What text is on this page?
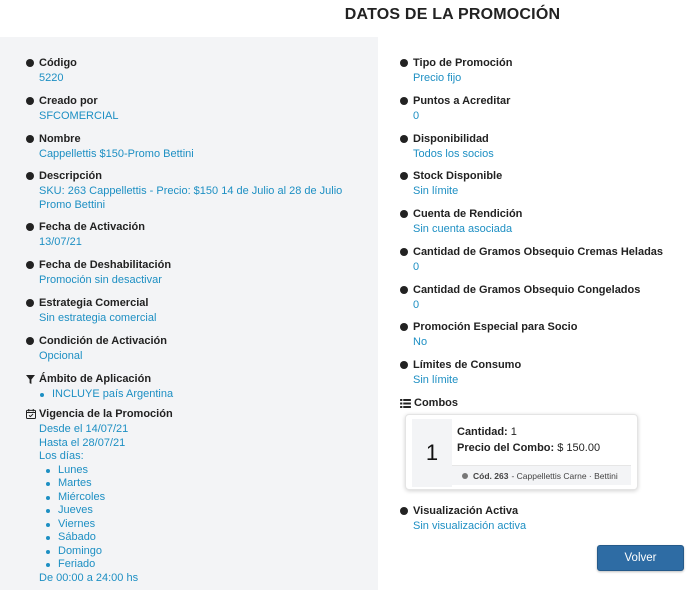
DATOS DE LA PROMOCIÓN
Código
5220
Creado por
SFCOMERCIAL
Nombre
Cappellettis $150-Promo Bettini
Descripción
SKU: 263 Cappellettis - Precio: $150 14 de Julio al 28 de Julio
Promo Bettini
Fecha de Activación
13/07/21
Fecha de Deshabilitación
Promoción sin desactivar
Estrategia Comercial
Sin estrategia comercial
Condición de Activación
Opcional
Ámbito de Aplicación
INCLUYE país Argentina
Vigencia de la Promoción
Desde el 14/07/21
Hasta el 28/07/21
Los días:
Lunes
Martes
Miércoles
Jueves
Viernes
Sábado
Domingo
Feriado
De 00:00 a 24:00 hs
Tipo de Promoción
Precio fijo
Puntos a Acreditar
0
Disponibilidad
Todos los socios
Stock Disponible
Sin límite
Cuenta de Rendición
Sin cuenta asociada
Cantidad de Gramos Obsequio Cremas Heladas
0
Cantidad de Gramos Obsequio Congelados
0
Promoción Especial para Socio
No
Límites de Consumo
Sin límite
Combos
1
Cantidad: 1
Precio del Combo: $ 150.00
Cód. 263 - Cappellettis Carne · Bettini
Visualización Activa
Sin visualización activa
Volver
